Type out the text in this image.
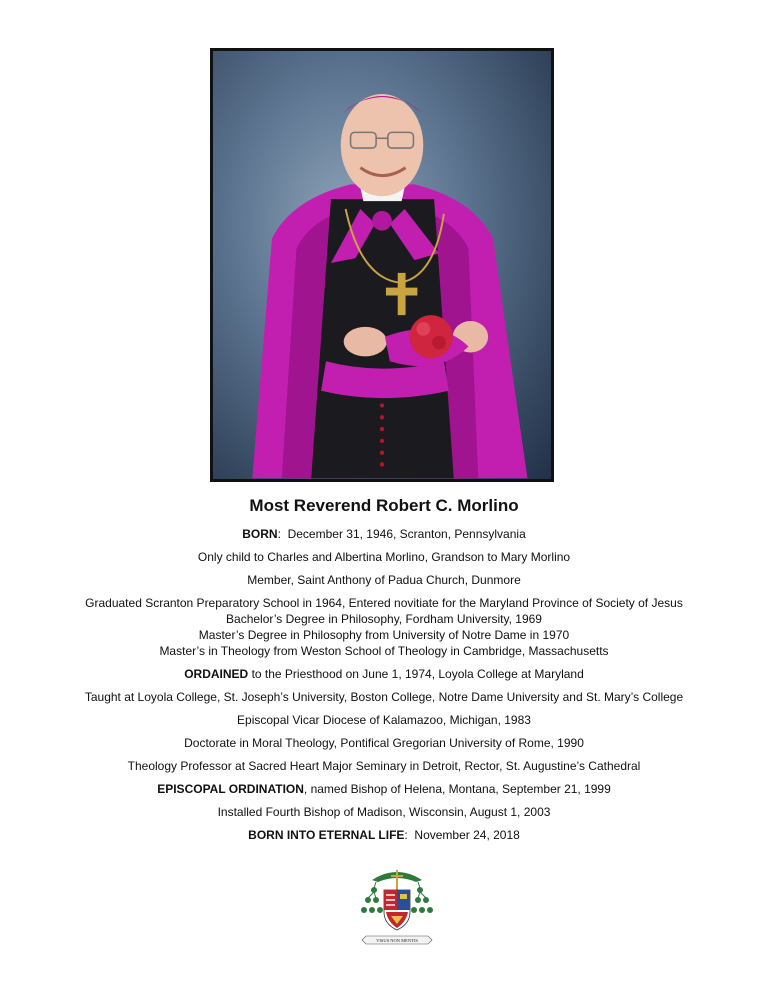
Most Reverend Robert C. Morlino
BORN:  December 31, 1946, Scranton, Pennsylvania
Only child to Charles and Albertina Morlino, Grandson to Mary Morlino
Member, Saint Anthony of Padua Church, Dunmore
Graduated Scranton Preparatory School in 1964, Entered novitiate for the Maryland Province of Society of Jesus
Bachelor’s Degree in Philosophy, Fordham University, 1969
Master’s Degree in Philosophy from University of Notre Dame in 1970
Master’s in Theology from Weston School of Theology in Cambridge, Massachusetts
ORDAINED to the Priesthood on June 1, 1974, Loyola College at Maryland
Taught at Loyola College, St. Joseph’s University, Boston College, Notre Dame University and St. Mary’s College
Episcopal Vicar Diocese of Kalamazoo, Michigan, 1983
Doctorate in Moral Theology, Pontifical Gregorian University of Rome, 1990
Theology Professor at Sacred Heart Major Seminary in Detroit, Rector, St. Augustine’s Cathedral
EPISCOPAL ORDINATION, named Bishop of Helena, Montana, September 21, 1999
Installed Fourth Bishop of Madison, Wisconsin, August 1, 2003
BORN INTO ETERNAL LIFE:  November 24, 2018
VISUS NON MENTIS
